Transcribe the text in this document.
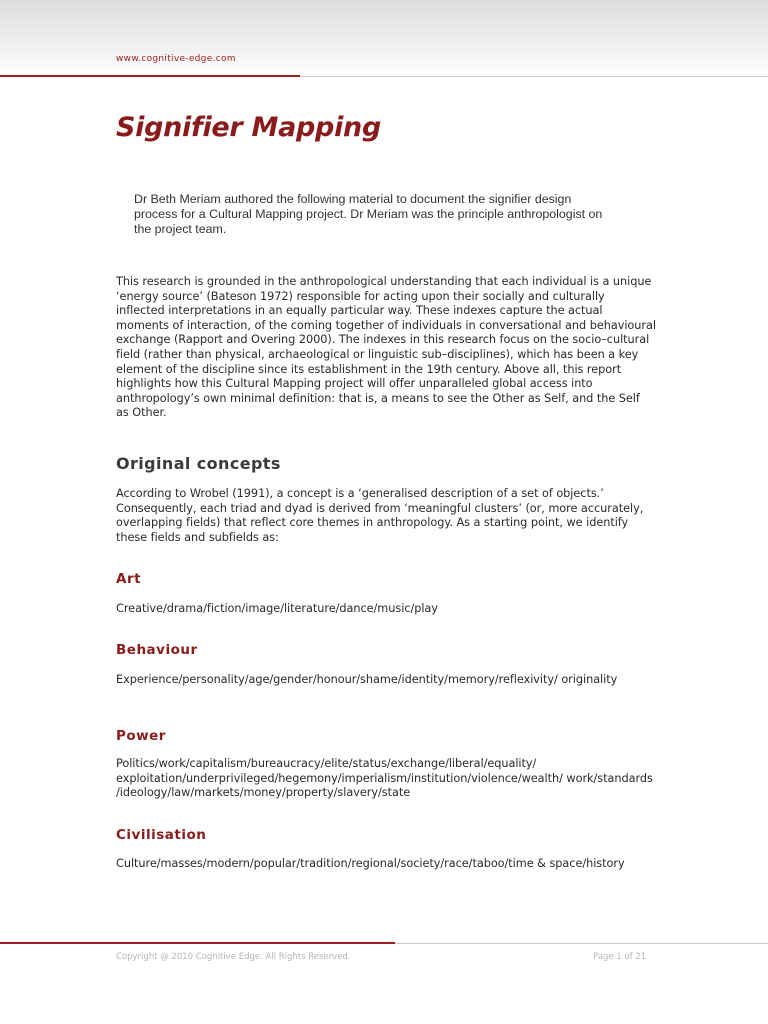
www.cognitive-edge.com
Signifier Mapping

Dr Beth Meriam authored the following material to document the signifier design process for a Cultural Mapping project. Dr Meriam was the principle anthropologist on the project team.

This research is grounded in the anthropological understanding that each individual is a unique ‘energy source’ (Bateson 1972) responsible for acting upon their socially and culturally inflected interpretations in an equally particular way. These indexes capture the actual moments of interaction, of the coming together of individuals in conversational and behavioural exchange (Rapport and Overing 2000). The indexes in this research focus on the socio–cultural field (rather than physical, archaeological or linguistic sub–disciplines), which has been a key element of the discipline since its establishment in the 19th century. Above all, this report highlights how this Cultural Mapping project will offer unparalleled global access into anthropology’s own minimal definition: that is, a means to see the Other as Self, and the Self as Other.

Original concepts

According to Wrobel (1991), a concept is a ‘generalised description of a set of objects.’ Consequently, each triad and dyad is derived from ‘meaningful clusters’ (or, more accurately, overlapping fields) that reflect core themes in anthropology. As a starting point, we identify these fields and subfields as:

Art

Creative/drama/fiction/image/literature/dance/music/play

Behaviour

Experience/personality/age/gender/honour/shame/identity/memory/reflexivity/ originality

Power

Politics/work/capitalism/bureaucracy/elite/status/exchange/liberal/equality/ exploitation/underprivileged/hegemony/imperialism/institution/violence/wealth/ work/standards /ideology/law/markets/money/property/slavery/state

Civilisation

Culture/masses/modern/popular/tradition/regional/society/race/taboo/time & space/history

Copyright @ 2010 Cognitive Edge. All Rights Reserved.	Page 1 of 21
